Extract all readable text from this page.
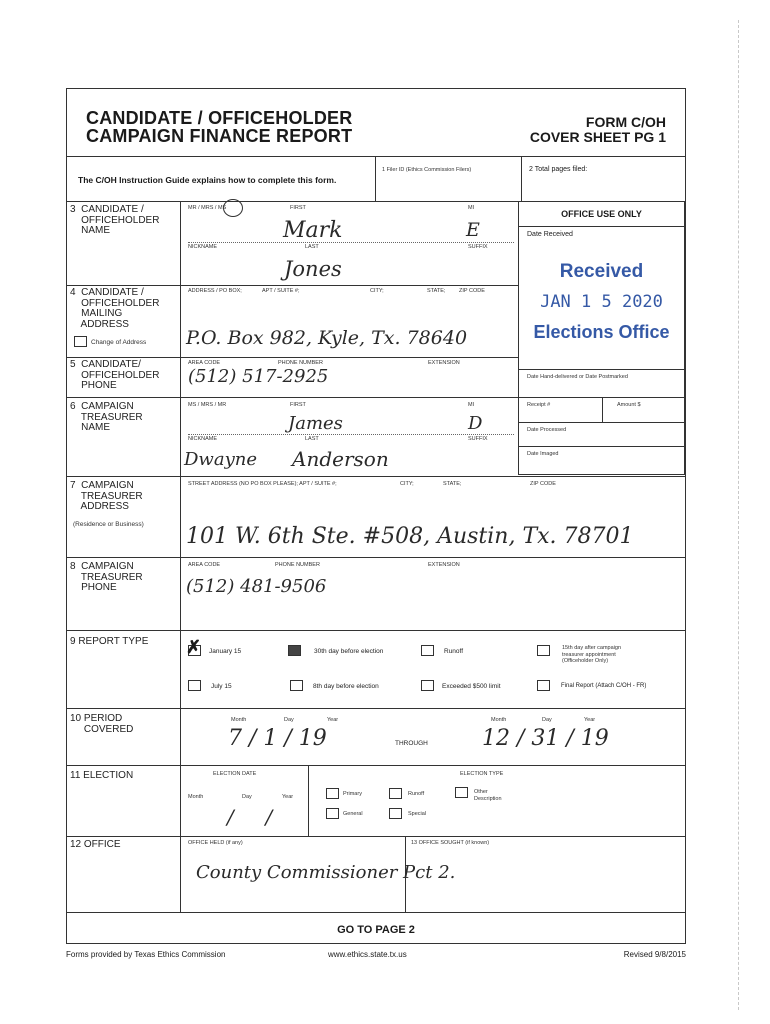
CANDIDATE / OFFICEHOLDER
CAMPAIGN FINANCE REPORT
FORM C/OH
COVER SHEET PG 1
OFFICE USE ONLY
Date Received
Received
JAN 1 5 2020
Elections Office
Date Hand-delivered or Date Postmarked
Receipt #	Amount $
Date Processed
Date Imaged
The C/OH Instruction Guide explains how to complete this form.
1 Filer ID (Ethics Commission Filers)	2 Total pages filed:
3  CANDIDATE /
OFFICEHOLDER
NAME
MR / MRS / MS	FIRST	MI
Mark	E
NICKNAME	LAST	SUFFIX
Jones
4  CANDIDATE /
OFFICEHOLDER
MAILING
ADDRESS
Change of Address
ADDRESS / PO BOX;	APT / SUITE #;	CITY;	STATE; ZIP CODE
P.O. Box 982, Kyle, Tx. 78640
5  CANDIDATE/
OFFICEHOLDER
PHONE
AREA CODE	PHONE NUMBER	EXTENSION
(512) 517-2925
6  CAMPAIGN
TREASURER
NAME
MS / MRS / MR	FIRST	MI
James	D
NICKNAME	LAST	SUFFIX
Dwayne Anderson
7  CAMPAIGN
TREASURER
ADDRESS
(Residence or Business)
STREET ADDRESS (NO PO BOX PLEASE); APT / SUITE #;	CITY;	STATE;	ZIP CODE
101 W. 6th Ste. #508, Austin, Tx. 78701
8  CAMPAIGN
TREASURER
PHONE
AREA CODE	PHONE NUMBER	EXTENSION
(512) 481-9506
9 REPORT TYPE ✗ January 15	30th day before election	Runoff	15th day after campaign
treasurer appointment
(Officeholder Only)
July 15	8th day before election	Exceeded $500 limit	Final Report (Attach C/OH - FR)
10 PERIOD
COVERED
Month	Day	Year
7 / 1 / 19	THROUGH
Month	Day	Year
12 / 31 / 19
11 ELECTION	ELECTION DATE
Month	Day	Year
/     /
ELECTION TYPE
Primary	Runoff	Other
Description
General	Special
12 OFFICE	OFFICE HELD (if any)
County Commissioner Pct 2.
13 OFFICE SOUGHT (if known)
GO TO PAGE 2
Forms provided by Texas Ethics Commission	www.ethics.state.tx.us	Revised 9/8/2015
